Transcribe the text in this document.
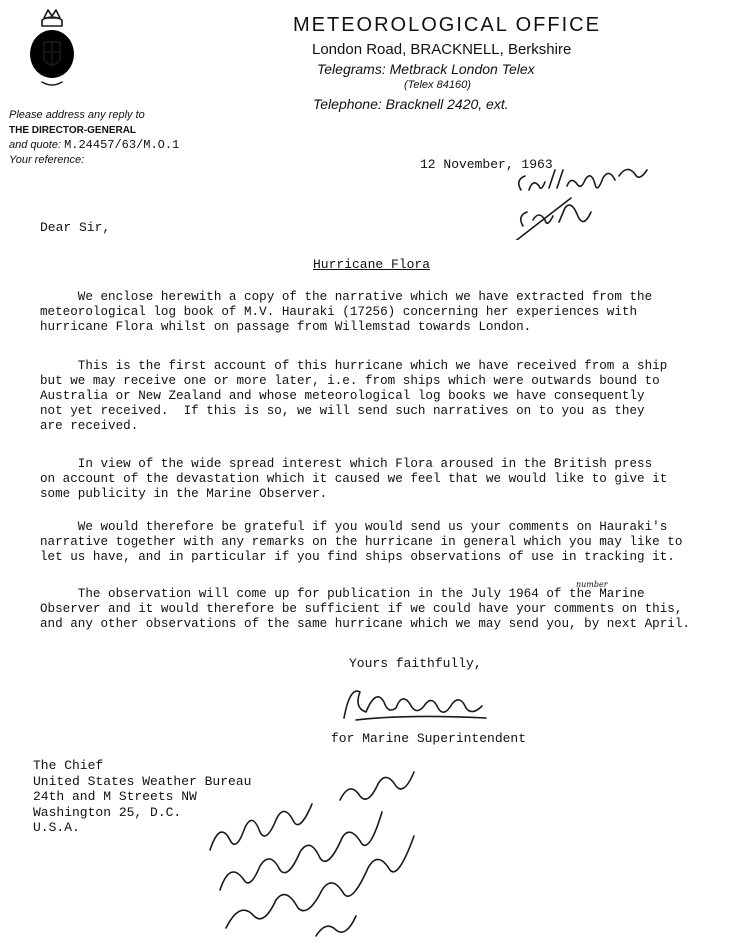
METEOROLOGICAL OFFICE
London Road, BRACKNELL, Berkshire
Telegrams: Metbrack London Telex
(Telex 84160)
Telephone: Bracknell 2420, ext.
Please address any reply to
THE DIRECTOR-GENERAL
and quote: M.24457/63/M.O.1
Your reference:	12 November, 1963
Dear Sir,
Hurricane Flora

We enclose herewith a copy of the narrative which we have extracted from the
meteorological log book of M.V. Hauraki (17256) concerning her experiences with
hurricane Flora whilst on passage from Willemstad towards London.

This is the first account of this hurricane which we have received from a ship
but we may receive one or more later, i.e. from ships which were outwards bound to
Australia or New Zealand and whose meteorological log books we have consequently
not yet received.  If this is so, we will send such narratives on to you as they
are received.

In view of the wide spread interest which Flora aroused in the British press
on account of the devastation which it caused we feel that we would like to give it
some publicity in the Marine Observer.

We would therefore be grateful if you would send us your comments on Hauraki's
narrative together with any remarks on the hurricane in general which you may like to
let us have, and in particular if you find ships observations of use in tracking it.

The observation will come up for publication in the July 1964 of the Marine
Observer and it would therefore be sufficient if we could have your comments on this,
and any other observations of the same hurricane which we may send you, by next April.

number
Yours faithfully,
for Marine Superintendent
The Chief
United States Weather Bureau
24th and M Streets NW
Washington 25, D.C.
U.S.A.
